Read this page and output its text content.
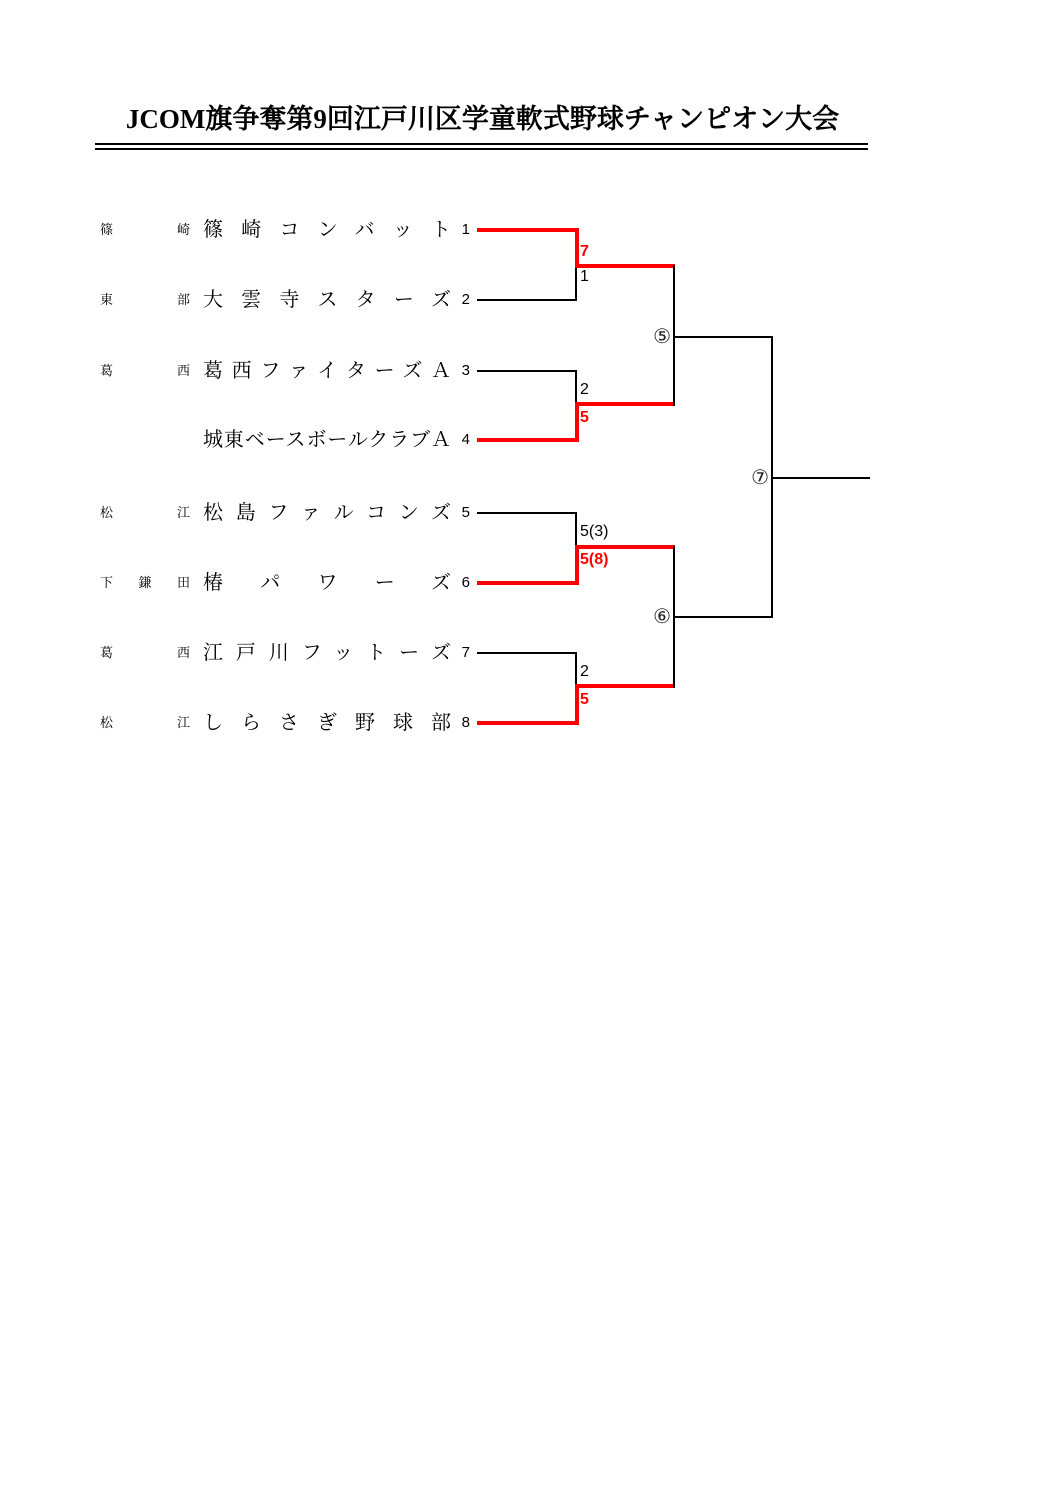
JCOM旗争奪第9回江戸川区学童軟式野球チャンピオン大会
篠崎 篠崎コンバット 1
東部 大雲寺スターズ 2
葛西 葛西ファイターズＡ 3
城東ベースボールクラブＡ 4
松江 松島ファルコンズ 5
下鎌田 椿パワーズ 6
葛西 江戸川フットーズ 7
松江 しらさぎ野球部 8
7
1
2
5
5(3)
5(8)
2
5
⑤
⑥
⑦
